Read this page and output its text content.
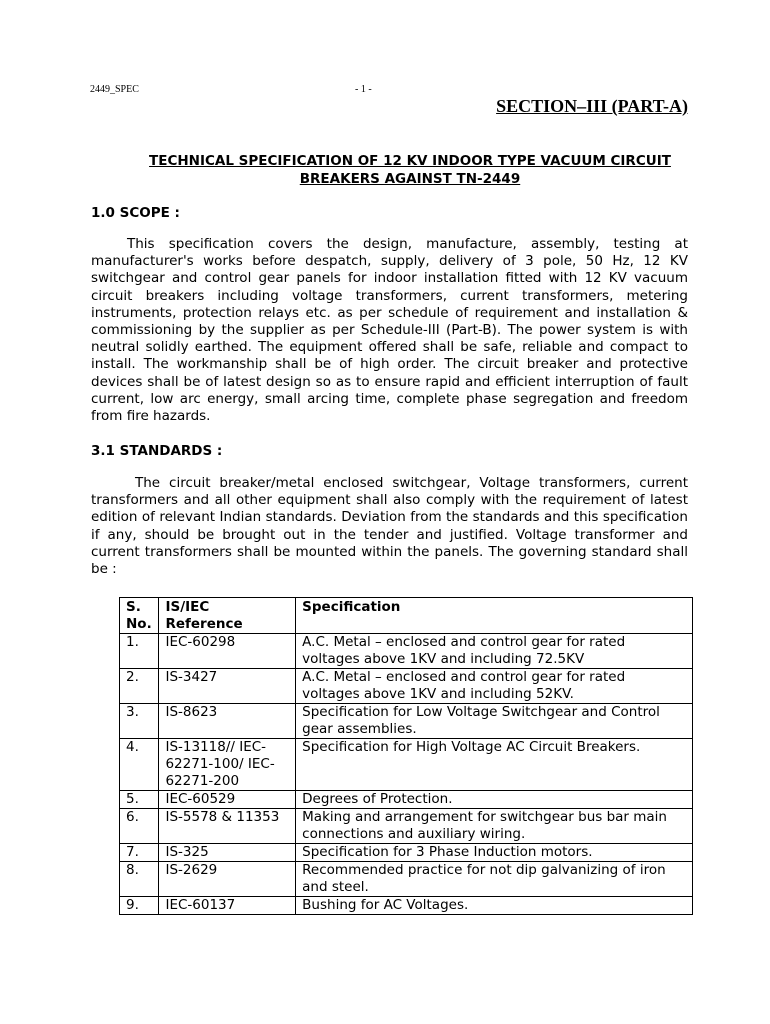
2449_SPEC	- 1 -
SECTION–III (PART-A)
TECHNICAL SPECIFICATION OF 12 KV INDOOR TYPE VACUUM CIRCUIT BREAKERS AGAINST TN-2449
1.0 SCOPE :

This specification covers the design, manufacture, assembly, testing at manufacturer's works before despatch, supply, delivery of 3 pole, 50 Hz, 12 KV switchgear and control gear panels for indoor installation fitted with 12 KV vacuum circuit breakers including voltage transformers, current transformers, metering instruments, protection relays etc. as per schedule of requirement and installation & commissioning by the supplier as per Schedule-III (Part-B). The power system is with neutral solidly earthed. The equipment offered shall be safe, reliable and compact to install. The workmanship shall be of high order. The circuit breaker and protective devices shall be of latest design so as to ensure rapid and efficient interruption of fault current, low arc energy, small arcing time, complete phase segregation and freedom from fire hazards.

3.1 STANDARDS :

The circuit breaker/metal enclosed switchgear, Voltage transformers, current transformers and all other equipment shall also comply with the requirement of latest edition of relevant Indian standards. Deviation from the standards and this specification if any, should be brought out in the tender and justified. Voltage transformer and current transformers shall be mounted within the panels. The governing standard shall be :

S. No.	IS/IEC Reference	Specification
1.	IEC-60298	A.C. Metal – enclosed and control gear for rated voltages above 1KV and including 72.5KV
2.	IS-3427	A.C. Metal – enclosed and control gear for rated voltages above 1KV and including 52KV.
3.	IS-8623	Specification for Low Voltage Switchgear and Control gear assemblies.
4.	IS-13118// IEC-62271-100/ IEC-62271-200	Specification for High Voltage AC Circuit Breakers.
5.	IEC-60529	Degrees of Protection.
6.	IS-5578 & 11353	Making and arrangement for switchgear bus bar main connections and auxiliary wiring.
7.	IS-325	Specification for 3 Phase Induction motors.
8.	IS-2629	Recommended practice for not dip galvanizing of iron and steel.
9.	IEC-60137	Bushing for AC Voltages.
